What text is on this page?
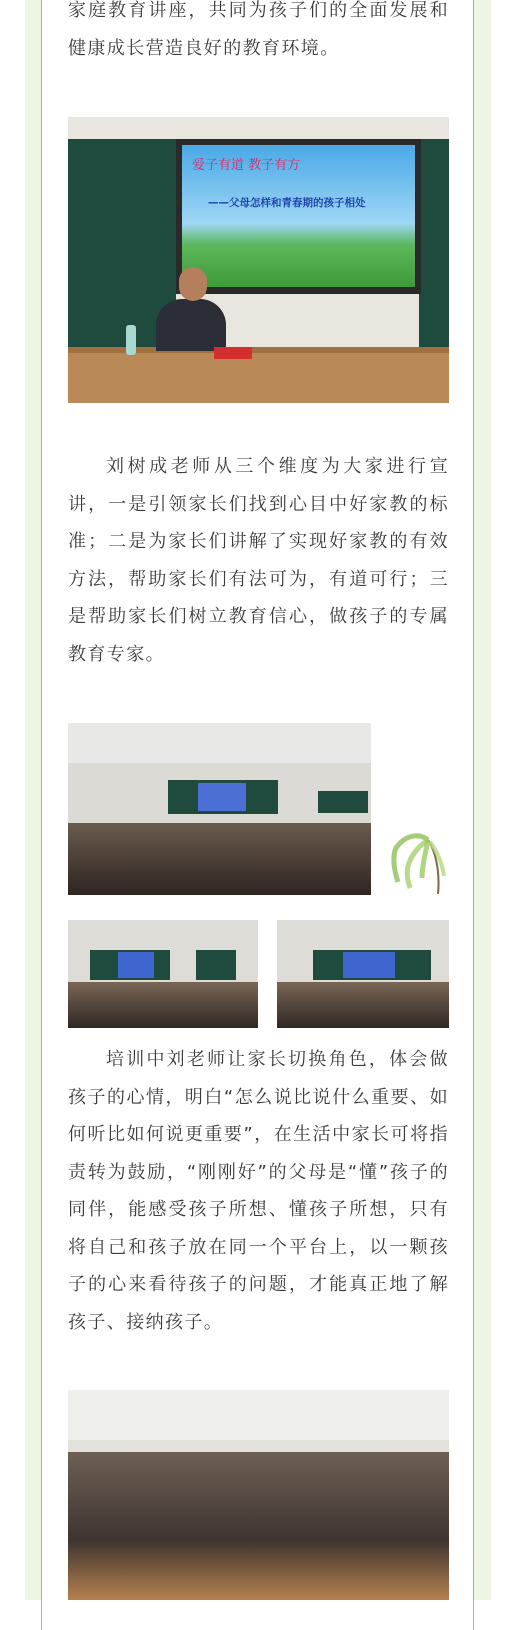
家庭教育讲座，共同为孩子们的全面发展和健康成长营造良好的教育环境。

爱子有道 教子有方
——父母怎样和青春期的孩子相处

刘树成老师从三个维度为大家进行宣讲，一是引领家长们找到心目中好家教的标准；二是为家长们讲解了实现好家教的有效方法，帮助家长们有法可为，有道可行；三是帮助家长们树立教育信心，做孩子的专属教育专家。

培训中刘老师让家长切换角色，体会做孩子的心情，明白“怎么说比说什么重要、如何听比如何说更重要”，在生活中家长可将指责转为鼓励，“刚刚好”的父母是“懂”孩子的同伴，能感受孩子所想、懂孩子所想，只有将自己和孩子放在同一个平台上，以一颗孩子的心来看待孩子的问题，才能真正地了解孩子、接纳孩子。
